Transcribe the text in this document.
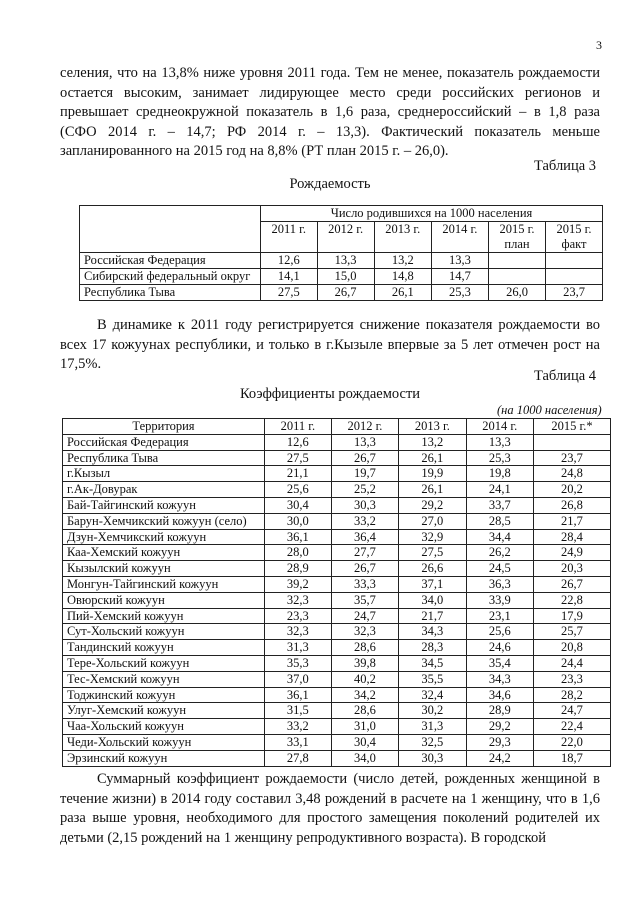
3

селения, что на 13,8% ниже уровня 2011 года. Тем не менее, показатель рождаемости остается высоким, занимает лидирующее место среди российских регионов и превышает среднеокружной показатель в 1,6 раза, среднероссийский – в 1,8 раза (СФО 2014 г. – 14,7; РФ 2014 г. – 13,3). Фактический показатель меньше запланированного на 2015 год на 8,8% (РТ план 2015 г. – 26,0).

Таблица 3
Рождаемость
	Число родившихся на 1000 населения					
	2011 г.	2012 г.	2013 г.	2014 г.	2015 г. план	2015 г. факт
Российская Федерация	12,6	13,3	13,2	13,3		
Сибирский федеральный округ	14,1	15,0	14,8	14,7		
Республика Тыва	27,5	26,7	26,1	25,3	26,0	23,7

В динамике к 2011 году регистрируется снижение показателя рождаемости во всех 17 кожуунах республики, и только в г.Кызыле впервые за 5 лет отмечен рост на 17,5%.

Таблица 4
Коэффициенты рождаемости
(на 1000 населения)
Территория	2011 г.	2012 г.	2013 г.	2014 г.	2015 г.*
Российская Федерация	12,6	13,3	13,2	13,3	
Республика Тыва	27,5	26,7	26,1	25,3	23,7
г.Кызыл	21,1	19,7	19,9	19,8	24,8
г.Ак-Довурак	25,6	25,2	26,1	24,1	20,2
Бай-Тайгинский кожуун	30,4	30,3	29,2	33,7	26,8
Барун-Хемчикский кожуун (село)	30,0	33,2	27,0	28,5	21,7
Дзун-Хемчикский кожуун	36,1	36,4	32,9	34,4	28,4
Каа-Хемский кожуун	28,0	27,7	27,5	26,2	24,9
Кызылский кожуун	28,9	26,7	26,6	24,5	20,3
Монгун-Тайгинский кожуун	39,2	33,3	37,1	36,3	26,7
Овюрский кожуун	32,3	35,7	34,0	33,9	22,8
Пий-Хемский кожуун	23,3	24,7	21,7	23,1	17,9
Сут-Хольский кожуун	32,3	32,3	34,3	25,6	25,7
Тандинский кожуун	31,3	28,6	28,3	24,6	20,8
Тере-Хольский кожуун	35,3	39,8	34,5	35,4	24,4
Тес-Хемский кожуун	37,0	40,2	35,5	34,3	23,3
Тоджинский кожуун	36,1	34,2	32,4	34,6	28,2
Улуг-Хемский кожуун	31,5	28,6	30,2	28,9	24,7
Чаа-Хольский кожуун	33,2	31,0	31,3	29,2	22,4
Чеди-Хольский кожуун	33,1	30,4	32,5	29,3	22,0
Эрзинский кожуун	27,8	34,0	30,3	24,2	18,7

Суммарный коэффициент рождаемости (число детей, рожденных женщиной в течение жизни) в 2014 году составил 3,48 рождений в расчете на 1 женщину, что в 1,6 раза выше уровня, необходимого для простого замещения поколений родителей их детьми (2,15 рождений на 1 женщину репродуктивного возраста). В городской
